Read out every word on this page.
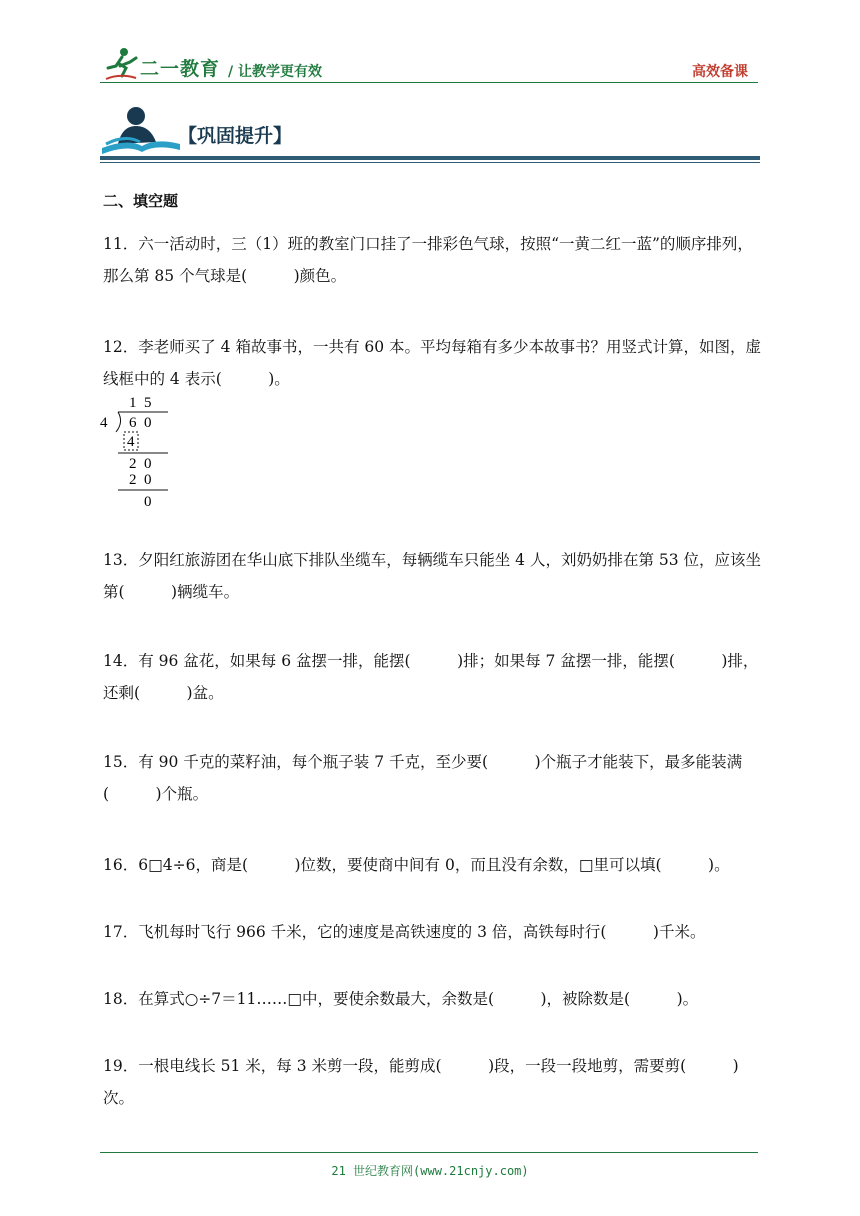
二一教育 / 让教学更有效	高效备课
【巩固提升】
二、填空题
11．六一活动时，三（1）班的教室门口挂了一排彩色气球，按照“一黄二红一蓝”的顺序排列，那么第 85 个气球是(　　　)颜色。
12．李老师买了 4 箱故事书，一共有 60 本。平均每箱有多少本故事书？用竖式计算，如图，虚线框中的 4 表示(　　　)。
1 5
4 6 0
4
2 0
2 0
0
13．夕阳红旅游团在华山底下排队坐缆车，每辆缆车只能坐 4 人，刘奶奶排在第 53 位，应该坐第(　　　)辆缆车。
14．有 96 盆花，如果每 6 盆摆一排，能摆(　　　)排；如果每 7 盆摆一排，能摆(　　　)排，还剩(　　　)盆。
15．有 90 千克的菜籽油，每个瓶子装 7 千克，至少要(　　　)个瓶子才能装下，最多能装满(　　　)个瓶。
16．6□4÷6，商是(　　　)位数，要使商中间有 0，而且没有余数，□里可以填(　　　)。
17．飞机每时飞行 966 千米，它的速度是高铁速度的 3 倍，高铁每时行(　　　)千米。
18．在算式○÷7＝11……□中，要使余数最大，余数是(　　　)，被除数是(　　　)。
19．一根电线长 51 米，每 3 米剪一段，能剪成(　　　)段，一段一段地剪，需要剪(　　　)次。
21 世纪教育网(www.21cnjy.com)
